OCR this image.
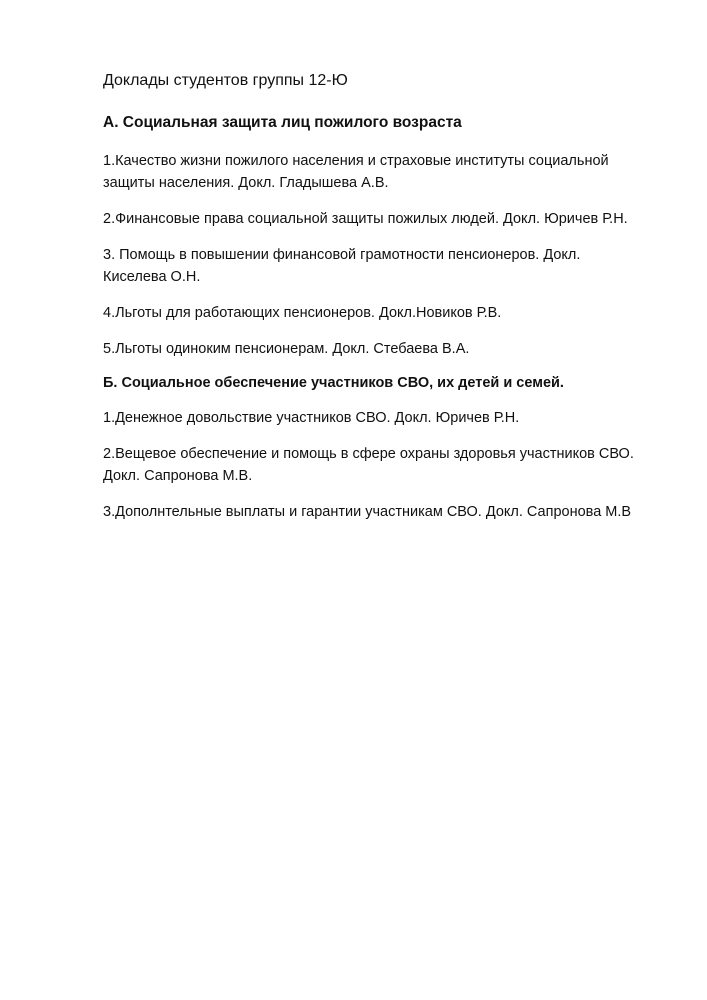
Доклады студентов группы 12-Ю
А. Социальная защита лиц пожилого возраста
1.Качество жизни пожилого населения и страховые институты социальной
защиты населения. Докл. Гладышева А.В.
2.Финансовые права социальной защиты пожилых людей. Докл. Юричев Р.Н.
3. Помощь в повышении финансовой грамотности пенсионеров. Докл.
Киселева О.Н.
4.Льготы для работающих пенсионеров. Докл.Новиков Р.В.
5.Льготы одиноким пенсионерам. Докл. Стебаева В.А.
Б. Социальное обеспечение участников СВО, их детей и семей.
1.Денежное довольствие участников СВО. Докл. Юричев Р.Н.
2.Вещевое обеспечение и помощь в сфере охраны здоровья участников СВО.
Докл. Сапронова М.В.
3.Дополнтельные выплаты и гарантии участникам СВО. Докл. Сапронова М.В
